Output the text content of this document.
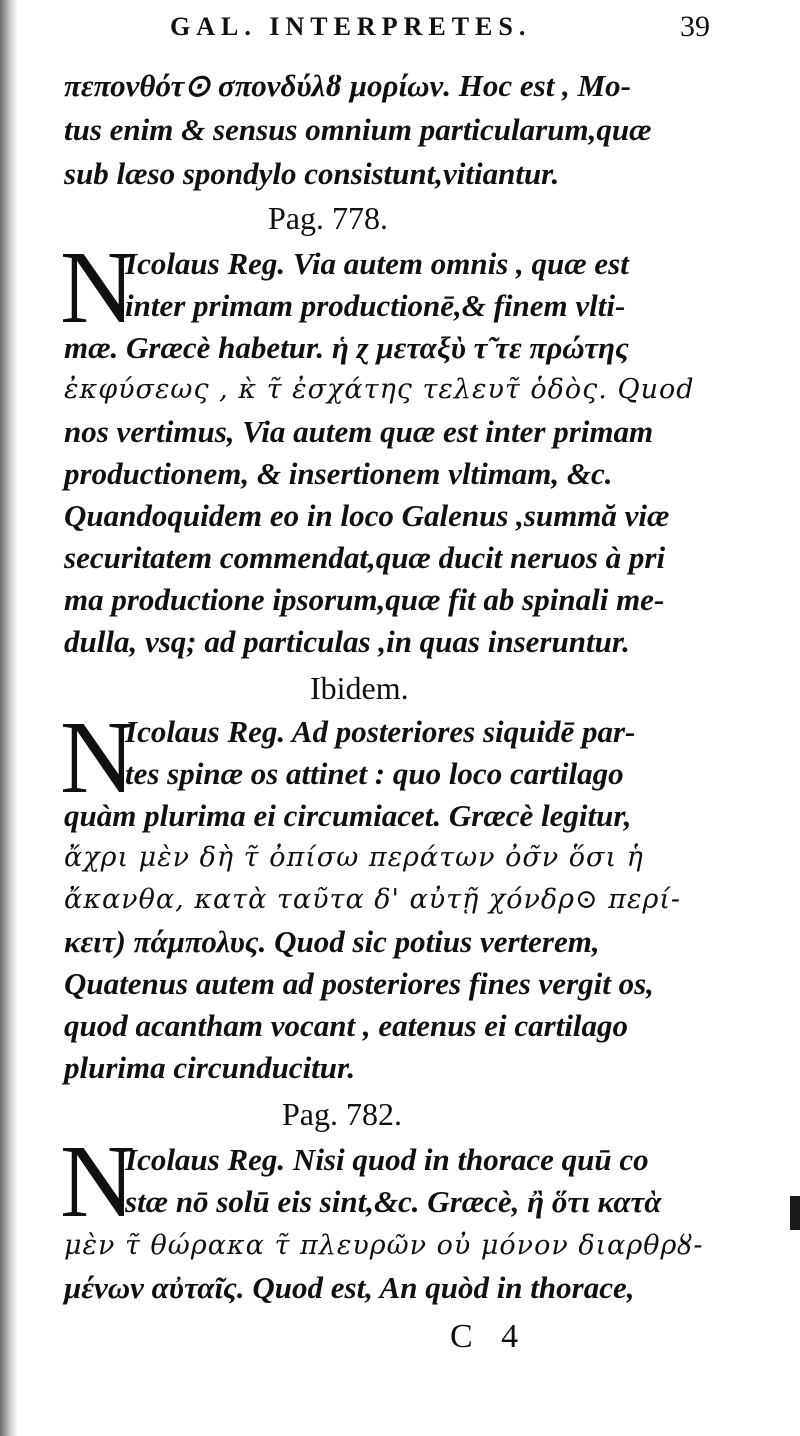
GAL. INTERPRETES.	39
πεπονθότ⊙ σπονδύλȣ μορίων. Hoc est , Mo-
tus enim & sensus omnium particularum,quæ
sub læso spondylo consistunt,vitiantur.
Pag. 778.
N
Icolaus Reg. Via autem omnis , quæ est
inter primam productionē,& finem vlti-
mæ. Græcè habetur. ἡ ɀ μεταξὺ τ̃ τε πρώτης
ἐκφύσεως , κ̀ τ̃ ἐσχάτης τελευτ̃ ὁδὸς. Quod
nos vertimus, Via autem quæ est inter primam
productionem, & insertionem vltimam, &c.
Quandoquidem eo in loco Galenus ,summă viæ
securitatem commendat,quæ ducit neruos à pri
ma productione ipsorum,quæ fit ab spinali me-
dulla, vsq; ad particulas ,in quas inseruntur.
Ibidem.
N
Icolaus Reg. Ad posteriores siquidē par-
tes spinæ os attinet : quo loco cartilago
quàm plurima ei circumiacet. Græcè legitur,
ἄχρι μὲν δὴ τ̃ ὀπίσω περάτων ὀσ̃ν ὅσι ἡ
ἄκανθα, κατὰ ταῦτα δ' αὐτῇ χόνδρ⊙ περί-
κειτ) πάμπολυς. Quod sic potius verterem,
Quatenus autem ad posteriores fines vergit os,
quod acantham vocant , eatenus ei cartilago
plurima circunducitur.
Pag. 782.
N
Icolaus Reg. Nisi quod in thorace quū co
stæ nō solū eis sint,&c. Græcè, ἢ ὅτι κατὰ
μὲν τ̃ θώρακα τ̃ πλευρῶν οὐ μόνον διαρθρȣ-
μένων αὐταῖς. Quod est, An quòd in thorace,
C 4
